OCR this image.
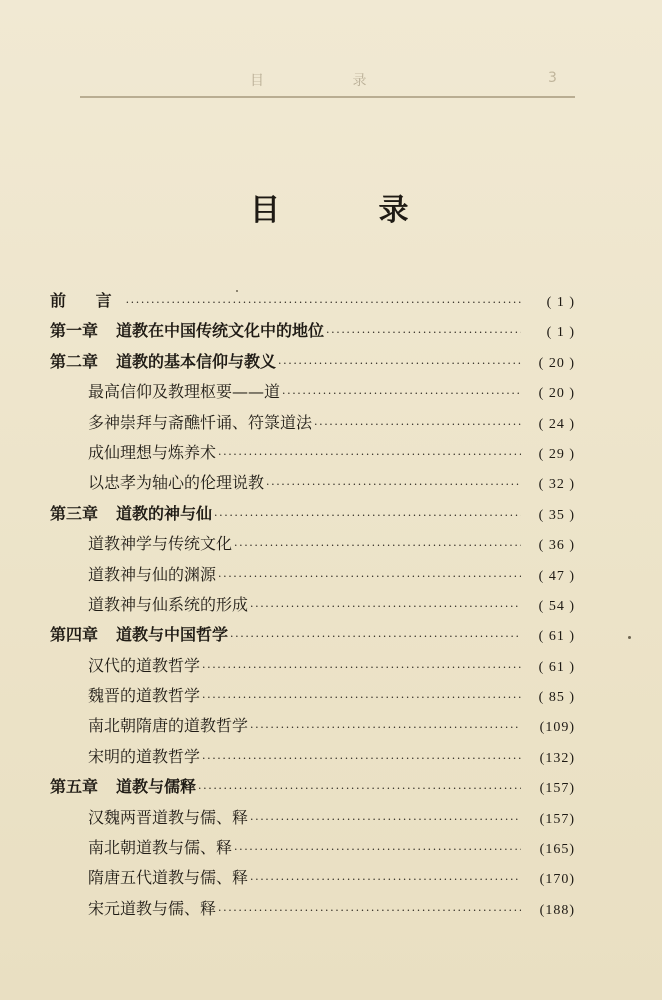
目 录	3
目 录
前 言 ·····	( 1 )
第一章 道教在中国传统文化中的地位 ·····	( 1 )
第二章 道教的基本信仰与教义 ·····	( 20 )
最高信仰及教理枢要——道 ·····	( 20 )
多神崇拜与斋醮忏诵、符箓道法 ·····	( 24 )
成仙理想与炼养术 ·····	( 29 )
以忠孝为轴心的伦理说教 ·····	( 32 )
第三章 道教的神与仙 ·····	( 35 )
道教神学与传统文化 ·····	( 36 )
道教神与仙的渊源 ·····	( 47 )
道教神与仙系统的形成 ·····	( 54 )
第四章 道教与中国哲学 ·····	( 61 )
汉代的道教哲学 ·····	( 61 )
魏晋的道教哲学 ·····	( 85 )
南北朝隋唐的道教哲学 ·····	(109)
宋明的道教哲学 ·····	(132)
第五章 道教与儒释 ·····	(157)
汉魏两晋道教与儒、释 ·····	(157)
南北朝道教与儒、释 ·····	(165)
隋唐五代道教与儒、释 ·····	(170)
宋元道教与儒、释 ·····	(188)
